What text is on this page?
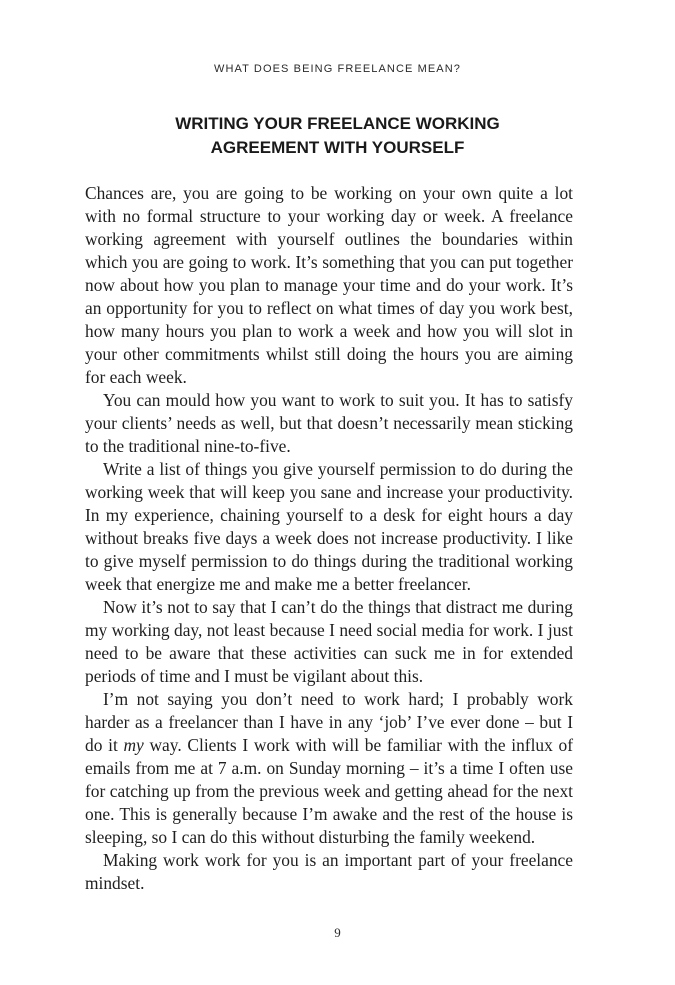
WHAT DOES BEING FREELANCE MEAN?
WRITING YOUR FREELANCE WORKING
AGREEMENT WITH YOURSELF

Chances are, you are going to be working on your own quite a lot with no formal structure to your working day or week. A freelance working agreement with yourself outlines the boundaries within which you are going to work. It’s something that you can put together now about how you plan to manage your time and do your work. It’s an opportunity for you to reflect on what times of day you work best, how many hours you plan to work a week and how you will slot in your other commitments whilst still doing the hours you are aiming for each week.

You can mould how you want to work to suit you. It has to satisfy your clients’ needs as well, but that doesn’t necessarily mean sticking to the traditional nine-to-five.

Write a list of things you give yourself permission to do during the working week that will keep you sane and increase your productivity. In my experience, chaining yourself to a desk for eight hours a day without breaks five days a week does not increase productivity. I like to give myself permission to do things during the traditional working week that energize me and make me a better freelancer.

Now it’s not to say that I can’t do the things that distract me during my working day, not least because I need social media for work. I just need to be aware that these activities can suck me in for extended periods of time and I must be vigilant about this.

I’m not saying you don’t need to work hard; I probably work harder as a freelancer than I have in any ‘job’ I’ve ever done – but I do it my way. Clients I work with will be familiar with the influx of emails from me at 7 a.m. on Sunday morning – it’s a time I often use for catching up from the previous week and getting ahead for the next one. This is generally because I’m awake and the rest of the house is sleeping, so I can do this without disturbing the family weekend.

Making work work for you is an important part of your freelance mindset.

9
